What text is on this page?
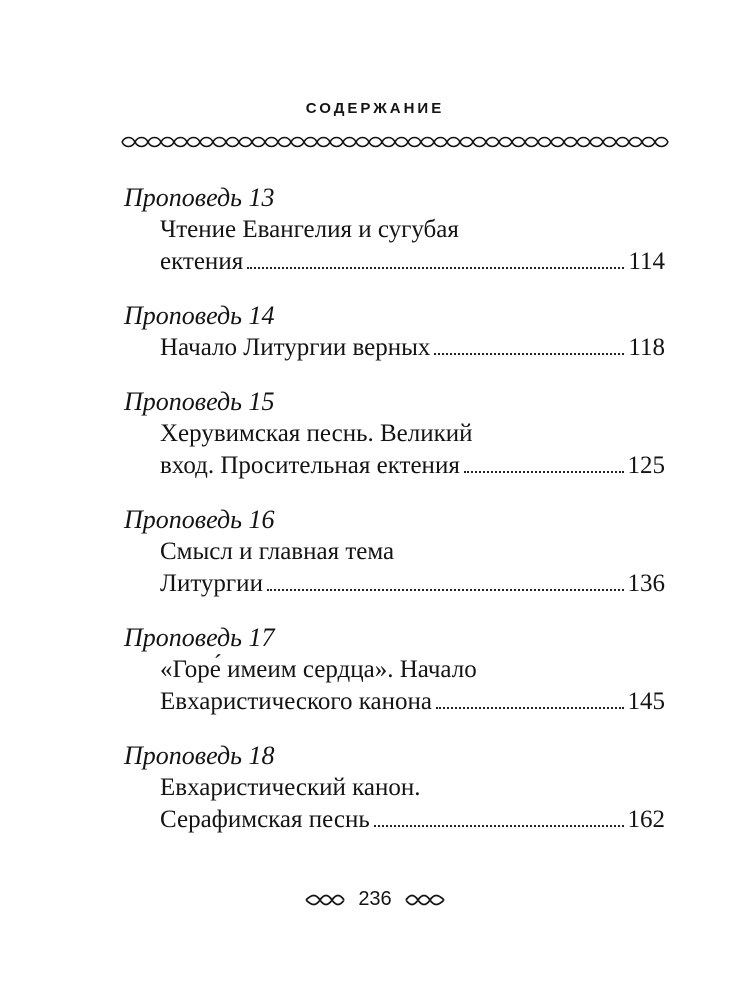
СОДЕРЖАНИЕ
Проповедь 13
Чтение Евангелия и сугубая
ектения	114
Проповедь 14
Начало Литургии верных	118
Проповедь 15
Херувимская песнь. Великий
вход. Просительная ектения	125
Проповедь 16
Смысл и главная тема
Литургии	136
Проповедь 17
«Горе́ имеим сердца». Начало
Евхаристического канона	145
Проповедь 18
Евхаристический канон.
Серафимская песнь	162
236
